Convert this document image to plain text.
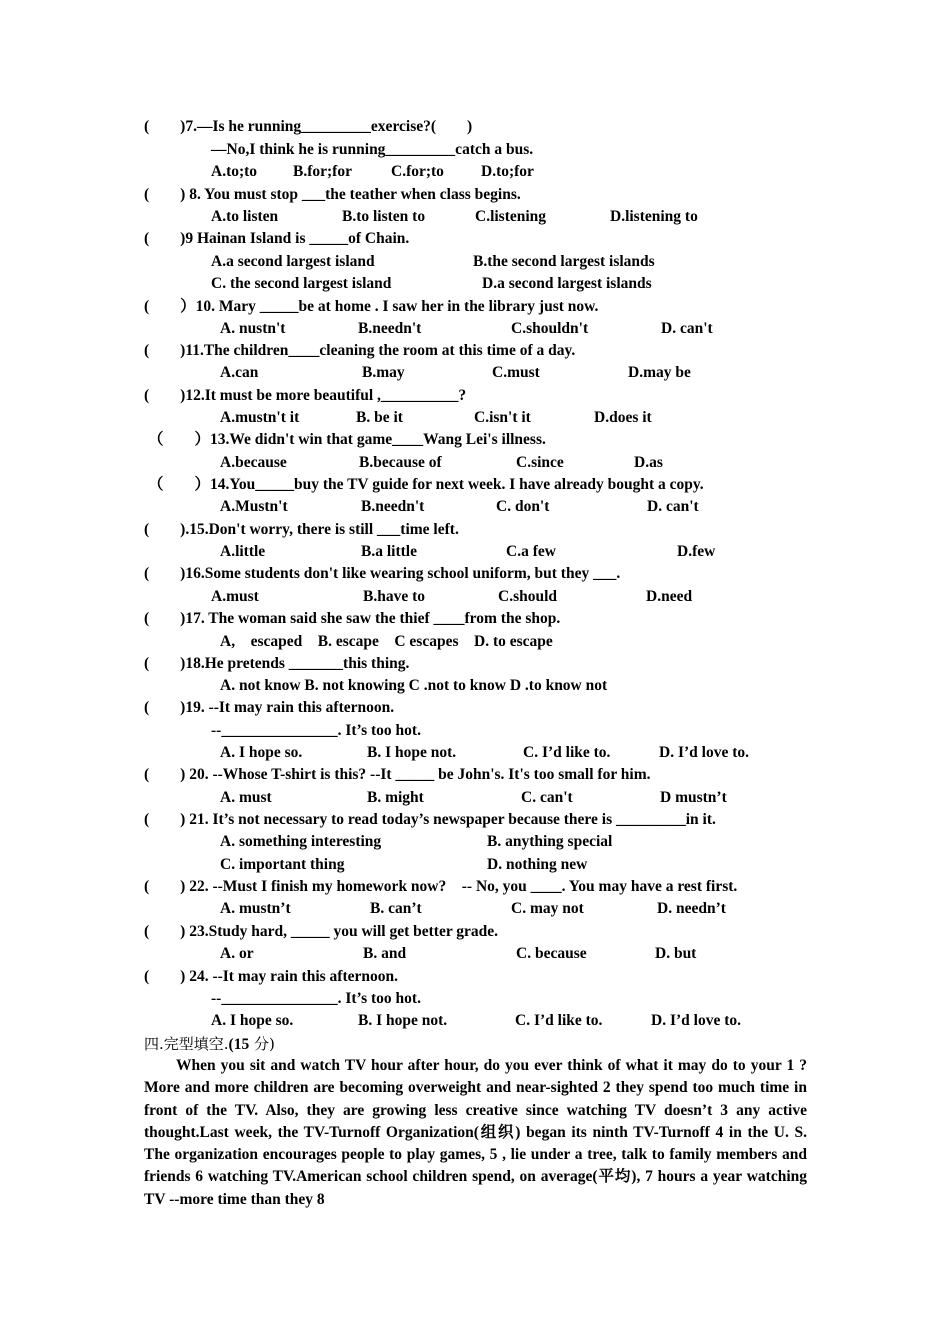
(        )7.—Is he running_________exercise?(        )

—No,I think he is running_________catch a bus.

A.to;to

B.for;for

	C.for;to

D.to;for

(        ) 8. You must stop ___the teather when class begins.

A.to listen

	B.to listen to

	C.listening

	D.listening to

(        )9 Hainan Island is _____of Chain.

A.a second largest island

	B.the second largest islands

C. the second largest island

	D.a second largest islands

(        ）10. Mary _____be at home . I saw her in the library just now.

A. nustn't

	B.needn't

	C.shouldn't

	D. can't

(        )11.The children____cleaning the room at this time of a day.

A.can

	B.may

	C.must

	D.may be

(        )12.It must be more beautiful ,__________?

A.mustn't it

	B. be it

	C.isn't it

	D.does it

（        ）13.We didn't win that game____Wang Lei's illness.

A.because

	B.because of

	C.since

	D.as

（        ）14.You_____buy the TV guide for next week. I have already bought a copy.

A.Mustn't

	B.needn't

	C. don't

	D. can't

(        ).15.Don't worry, there is still ___time left.

A.little

	B.a little

	C.a few

	D.few

(        )16.Some students don't like wearing school uniform, but they ___.

A.must

	B.have to

	C.should

	D.need

(        )17. The woman said she saw the thief ____from the shop.

A,    escaped    B. escape    C escapes    D. to escape

(        )18.He pretends _______this thing.

A. not know B. not knowing C .not to know D .to know not

(        )19. --It may rain this afternoon.

--_______________. It’s too hot.

A. I hope so.

	B. I hope not.

	C. I’d like to.

	D. I’d love to.

(        ) 20. --Whose T-shirt is this? --It _____ be John's. It's too small for him.

A. must

	B. might

	C. can't

	D mustn’t

(        ) 21. It’s not necessary to read today’s newspaper because there is _________in it.

A. something interesting

	B. anything special

C. important thing

	D. nothing new

(        ) 22. --Must I finish my homework now?    -- No, you ____. You may have a rest first.

A. mustn’t

	B. can’t

	C. may not

	D. needn’t

(        ) 23.Study hard, _____ you will get better grade.

A. or

	B. and

	C. because

	D. but

(        ) 24. --It may rain this afternoon.

--_______________. It’s too hot.

A. I hope so.

	B. I hope not.

	C. I’d like to.

	D. I’d love to.

四.完型填空.(15 分)

When you sit and watch TV hour after hour, do you ever think of what it may do to your 1 ?More and more children are becoming overweight and near-sighted 2 they spend too much time in front of the TV. Also, they are growing less creative since watching TV doesn’t 3 any active thought.Last week, the TV-Turnoff Organization(组织) began its ninth TV-Turnoff 4 in the U. S. The organization encourages people to play games, 5 , lie under a tree, talk to family members and friends 6 watching TV.American school children spend, on average(平均), 7 hours a year watching TV --more time than they 8
